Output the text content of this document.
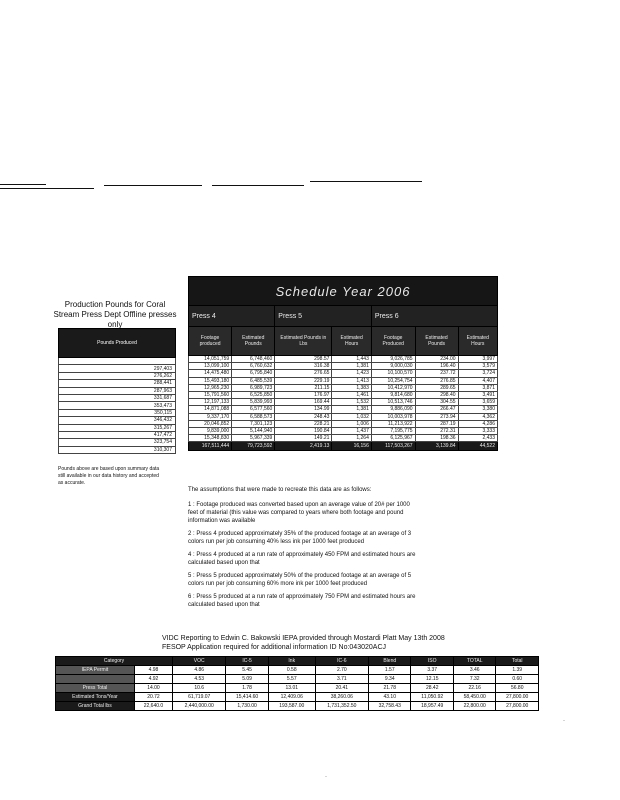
Production Pounds for Coral Stream Press Dept Offline presses only
Pounds Produced

297,403
276,262
288,441
287,963
331,687
353,473
350,115
346,432
315,267
417,472
323,754
310,307
Pounds above are based upon summary data still available in our data history and accepted as accurate.
Schedule Year 2006						
Press 4		Press 5		Press 6		
Footage produced	Estimated Pounds	Estimated Pounds in Lbs	Estimated Hours	Footage Produced	Estimated Pounds	Estimated Hours
14,051,759	6,748,460	298.57	1,443	9,026,785	234.00	3,997
13,099,100	6,760,632	316.38	1,381	9,000,030	196.40	3,579
14,475,480	6,795,840	276.65	1,423	10,100,570	237.72	3,724
15,493,180	6,485,539	229.19	1,413	10,254,754	276.85	4,407
12,965,230	6,989,723	211.15	1,383	10,412,970	289.65	3,871
15,791,560	6,525,850	176.97	1,461	9,814,680	298.40	3,491
12,197,133	5,839,993	169.44	1,532	10,513,746	304.55	3,659
14,871,088	6,577,560	134.99	1,381	9,886,090	266.47	3,380
9,337,170	6,588,573	248.43	1,032	10,003,978	273.94	4,362
20,046,852	7,301,123	228.21	1,006	11,213,922	287.19	4,286
9,839,000	5,144,940	190.84	1,437	7,195,775	272.31	3,333
15,348,830	5,967,339	149.21	1,264	6,125,967	198.36	2,433
167,511,444	79,723,592	2,419.13	16,156	117,503,267	3,139.84	44,522
The assumptions that were made to recreate this data are as follows:

1 : Footage produced was converted based upon an average value of 20# per 1000 feet of material (this value was compared to years where both footage and pound information was available

2 : Press 4 produced approximately 35% of the produced footage at an average of 3 colors run per job consuming 40% less ink per 1000 feet produced

4 : Press 4 produced at a run rate of approximately 450 FPM and estimated hours are calculated based upon that

5 : Press 5 produced approximately 50% of the produced footage at an average of 5 colors run per job consuming 60% more ink per 1000 feet produced

6 : Press 5 produced at a run rate of approximately 750 FPM and estimated hours are calculated based upon that

VIDC Reporting to Edwin C. Bakowski IEPA provided through Mostardi Platt May 13th 2008
FESOP Application required for additional information ID No:043020ACJ
Category		VOC	IC-5	Ink	IC-6	Blend	ISO	TOTAL	Total
IEPA Permit	4.98	4.86	5.45	0.58	2.70	1.57	3.37	3.46	1.39
	4.92	4.53	5.09	5.57	3.71	9.34	12.15	7.32	0.60
Press Total	14.00	10.6	1.78	13.01	20.41	21.78	28.42	22.16	56.80
Estimated Tons/Year	20.72	61,719.07	15,414.60	12,409.06	38,260.06	43.10	11,050.92	58,450.00	27,800.00
Grand Total lbs	22,640.0	2,440,000.00	1,730.00	193,587.00	1,731,352.50	32,758.43	18,957.49	22,800.00	27,800.00
·
·
